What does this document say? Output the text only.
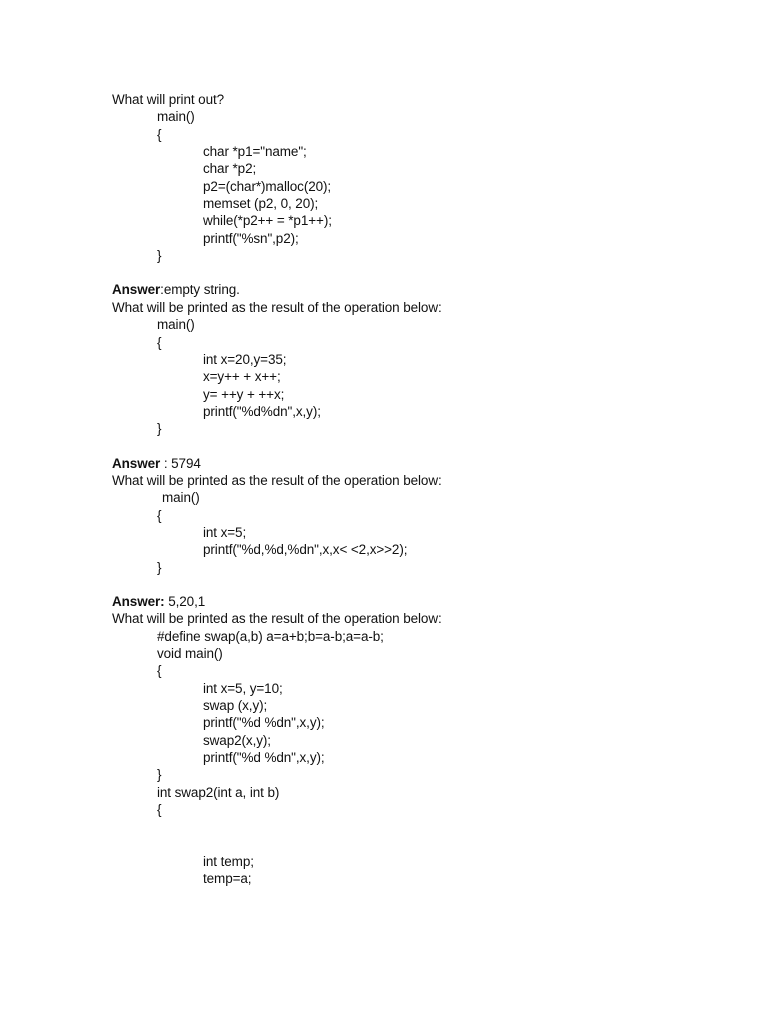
What will print out?
main()
{
char *p1="name";
char *p2;
p2=(char*)malloc(20);
memset (p2, 0, 20);
while(*p2++ = *p1++);
printf("%sn",p2);
}
Answer:empty string.
What will be printed as the result of the operation below:
main()
{
int x=20,y=35;
x=y++ + x++;
y= ++y + ++x;
printf("%d%dn",x,y);
}
Answer : 5794
What will be printed as the result of the operation below:
main()
{
int x=5;
printf("%d,%d,%dn",x,x< <2,x>>2);
}
Answer: 5,20,1
What will be printed as the result of the operation below:
#define swap(a,b) a=a+b;b=a-b;a=a-b;
void main()
{
int x=5, y=10;
swap (x,y);
printf("%d %dn",x,y);
swap2(x,y);
printf("%d %dn",x,y);
}
int swap2(int a, int b)
{
int temp;
temp=a;
